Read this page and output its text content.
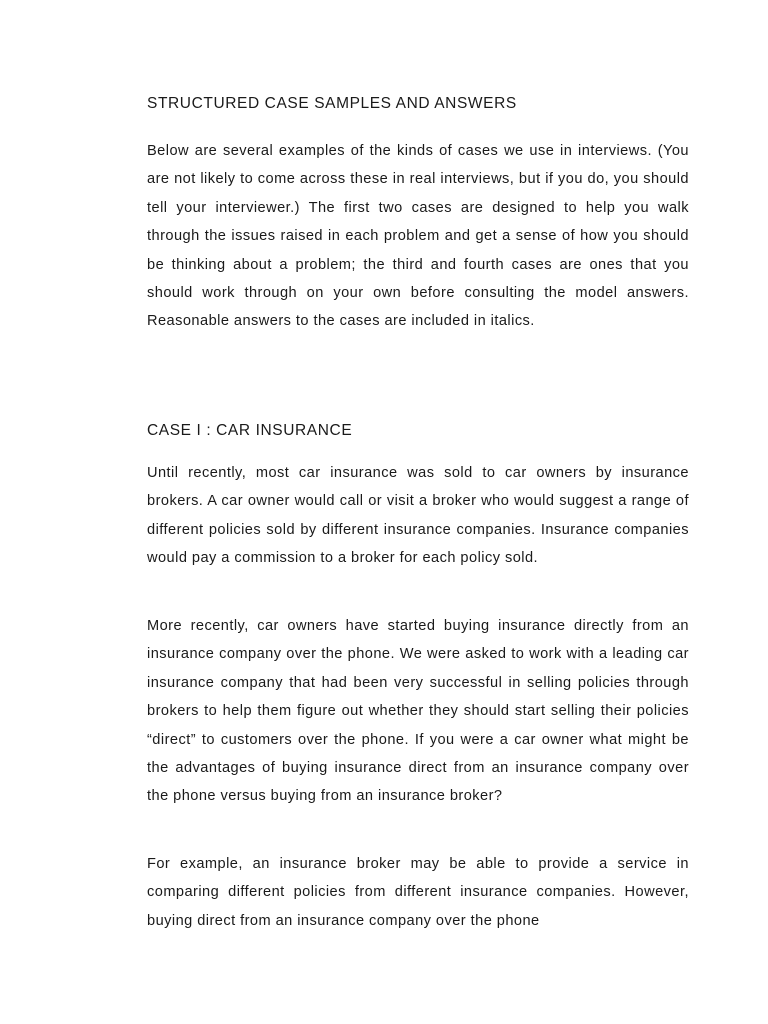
STRUCTURED CASE SAMPLES AND ANSWERS

Below are several examples of the kinds of cases we use in interviews. (You are not likely to come across these in real interviews, but if you do, you should tell your interviewer.) The first two cases are designed to help you walk through the issues raised in each problem and get a sense of how you should be thinking about a problem; the third and fourth cases are ones that you should work through on your own before consulting the model answers. Reasonable answers to the cases are included in italics.

CASE I : CAR INSURANCE

Until recently, most car insurance was sold to car owners by insurance brokers. A car owner would call or visit a broker who would suggest a range of different policies sold by different insurance companies. Insurance companies would pay a commission to a broker for each policy sold.

More recently, car owners have started buying insurance directly from an insurance company over the phone. We were asked to work with a leading car insurance company that had been very successful in selling policies through brokers to help them figure out whether they should start selling their policies “direct” to customers over the phone. If you were a car owner what might be the advantages of buying insurance direct from an insurance company over the phone versus buying from an insurance broker?

For example, an insurance broker may be able to provide a service in comparing different policies from different insurance companies. However, buying direct from an insurance company over the phone
